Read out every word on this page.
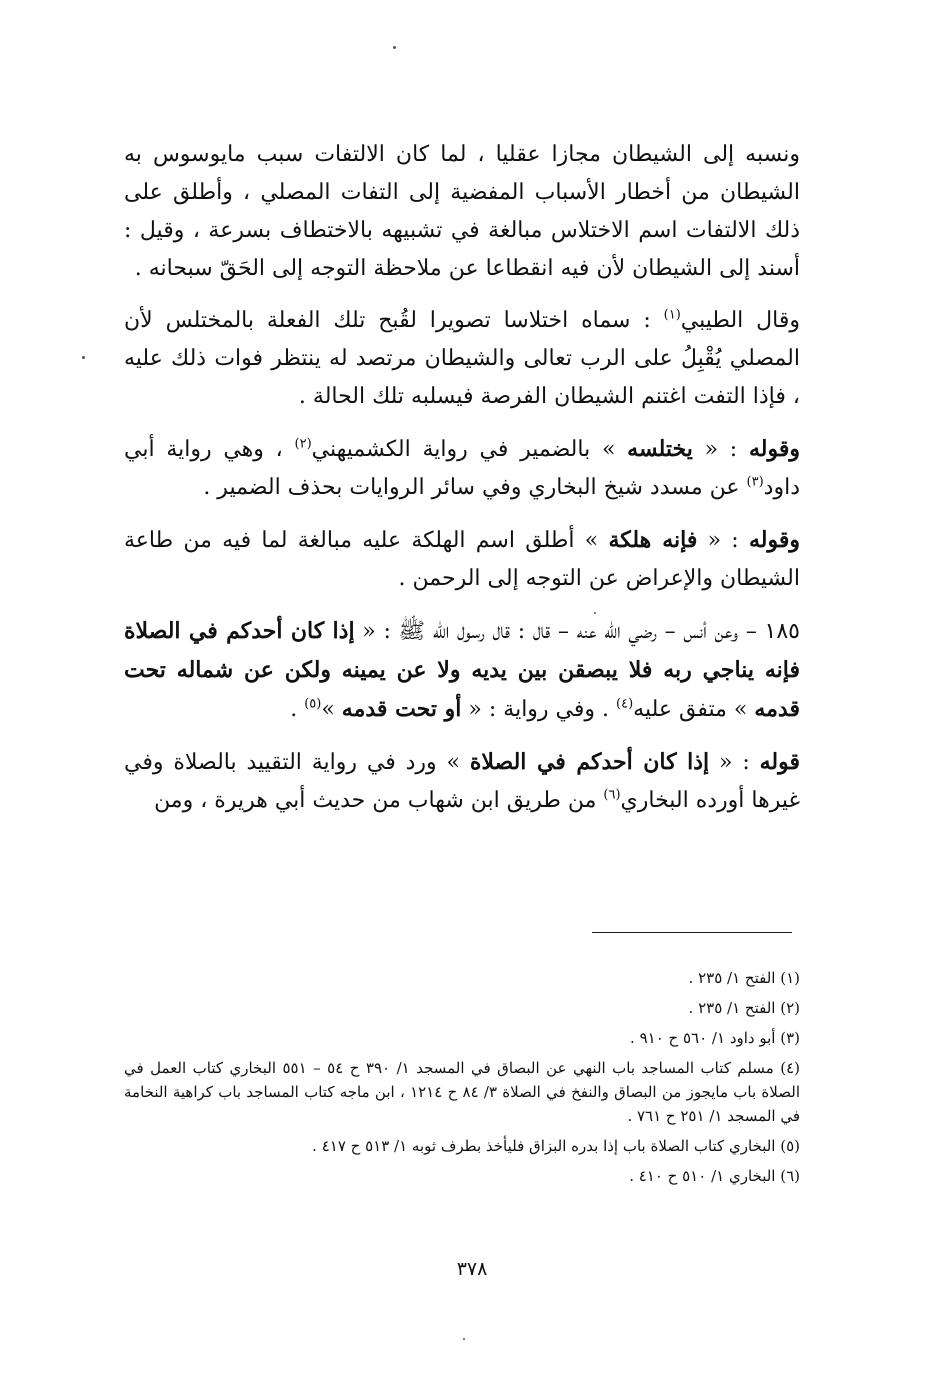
ونسبه إلى الشيطان مجازا عقليا ، لما كان الالتفات سبب مايوسوس به الشيطان من أخطار الأسباب المفضية إلى التفات المصلي ، وأطلق على ذلك الالتفات اسم الاختلاس مبالغة في تشبيهه بالاختطاف بسرعة ، وقيل : أسند إلى الشيطان لأن فيه انقطاعا عن ملاحظة التوجه إلى الحَقّ سبحانه .

وقال الطيبي$^{(١)}$ : سماه اختلاسا تصويرا لقُبح تلك الفعلة بالمختلس لأن المصلي يُقْبِلُ على الرب تعالى والشيطان مرتصد له ينتظر فوات ذلك عليه ، فإذا التفت اغتنم الشيطان الفرصة فيسلبه تلك الحالة .

وقوله : « يختلسه » بالضمير في رواية الكشميهني$^{(٢)}$ ، وهي رواية أبي داود$^{(٣)}$ عن مسدد شيخ البخاري وفي سائر الروايات بحذف الضمير .

وقوله : « فإنه هلكة » أطلق اسم الهلكة عليه مبالغة لما فيه من طاعة الشيطان والإعراض عن التوجه إلى الرحمن .

١٨٥ – وعن أنس – رضي الله عنه – قال : قال رسول الله ﷺ : « إذا كان أحدكم في الصلاة فإنه يناجي ربه فلا يبصقن بين يديه ولا عن يمينه ولكن عن شماله تحت قدمه » متفق عليه$^{(٤)}$ . وفي رواية : « أو تحت قدمه »$^{(٥)}$ .

قوله : « إذا كان أحدكم في الصلاة » ورد في رواية التقييد بالصلاة وفي غيرها أورده البخاري$^{(٦)}$ من طريق ابن شهاب من حديث أبي هريرة ، ومن

(١) الفتح ١/ ٢٣٥ .

(٢) الفتح ١/ ٢٣٥ .

(٣) أبو داود ١/ ٥٦٠ ح ٩١٠ .

(٤) مسلم كتاب المساجد باب النهي عن البصاق في المسجد ١/ ٣٩٠ ح ٥٤ – ٥٥١ البخاري كتاب العمل في الصلاة باب مايجوز من البصاق والنفخ في الصلاة ٣/ ٨٤ ح ١٢١٤ ، ابن ماجه كتاب المساجد باب كراهية النخامة في المسجد ١/ ٢٥١ ح ٧٦١ .

(٥) البخاري كتاب الصلاة باب إذا بدره البزاق فليأخذ بطرف ثوبه ١/ ٥١٣ ح ٤١٧ .

(٦) البخاري ١/ ٥١٠ ح ٤١٠ .

٣٧٨
